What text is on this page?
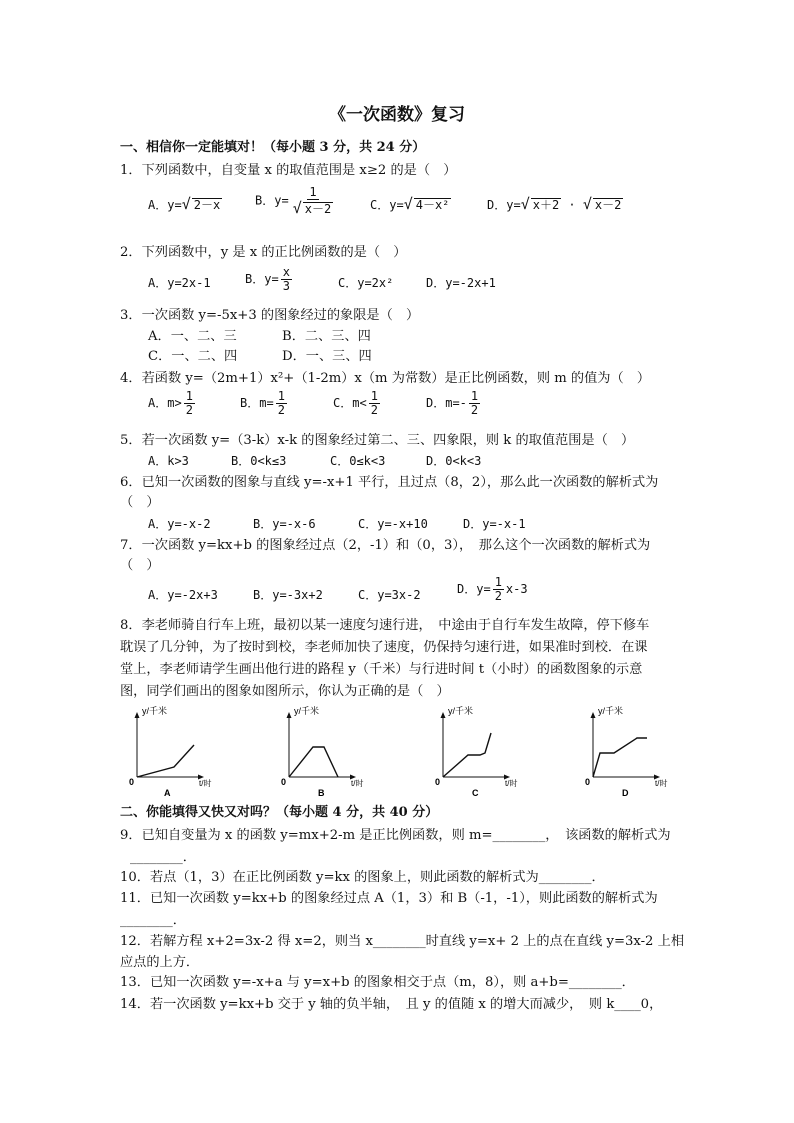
《一次函数》复习
一、相信你一定能填对！（每小题 3 分，共 24 分）
1．下列函数中，自变量 x 的取值范围是 x≥2 的是（　）
A．y=√ 2－x	B．$y= \frac{1}{√ x-2}$	C．y=√ 4－x²	D．y=√ x＋2 · √ x－2
2．下列函数中，y 是 x 的正比例函数的是（　）
A．y=2x-1	B．$y= \frac{x}{3}$	C．y=2x²	D．y=-2x+1
3．一次函数 y=-5x+3 的图象经过的象限是（　）
A．一、二、三	B．二、三、四
C．一、二、四	D．一、三、四
4．若函数 y=（2m+1）x²+（1-2m）x（m 为常数）是正比例函数，则 m 的值为（　）
A．$m> \frac{1}{2}$	B．$m= \frac{1}{2}$	C．$m< \frac{1}{2}$	D．$m=- \frac{1}{2}$
5．若一次函数 y=（3-k）x-k 的图象经过第二、三、四象限，则 k 的取值范围是（　）
A．k>3	B．0<k≤3	C．0≤k<3	D．0<k<3
6．已知一次函数的图象与直线 y=-x+1 平行，且过点（8，2），那么此一次函数的解析式为
（　）
A．y=-x-2	B．y=-x-6	C．y=-x+10	D．y=-x-1
7．一次函数 y=kx+b 的图象经过点（2，-1）和（0，3），　那么这个一次函数的解析式为
（　）
A．y=-2x+3	B．y=-3x+2	C．y=3x-2	D．$y= \frac{1}{2} x-3$
8．李老师骑自行车上班，最初以某一速度匀速行进，　中途由于自行车发生故障，停下修车
耽误了几分钟，为了按时到校，李老师加快了速度，仍保持匀速行进，如果准时到校．在课
堂上，李老师请学生画出他行进的路程 y（千米）与行进时间 t（小时）的函数图象的示意
图，同学们画出的图象如图所示，你认为正确的是（　）
y/千米
0	t/时
A
y/千米
0	t/时
B
y/千米
0	t/时
C
y/千米
0	t/时
D
二、你能填得又快又对吗？（每小题 4 分，共 40 分）
9．已知自变量为 x 的函数 y=mx+2-m 是正比例函数，则 m=________，　该函数的解析式为
________．
10．若点（1，3）在正比例函数 y=kx 的图象上，则此函数的解析式为________．
11．已知一次函数 y=kx+b 的图象经过点 A（1，3）和 B（-1，-1），则此函数的解析式为
________．
12．若解方程 x+2=3x-2 得 x=2，则当 x________时直线 y=x+ 2 上的点在直线 y=3x-2 上相
应点的上方．
13．已知一次函数 y=-x+a 与 y=x+b 的图象相交于点（m，8），则 a+b=________．
14．若一次函数 y=kx+b 交于 y 轴的负半轴，　且 y 的值随 x 的增大而减少，　则 k____0，
